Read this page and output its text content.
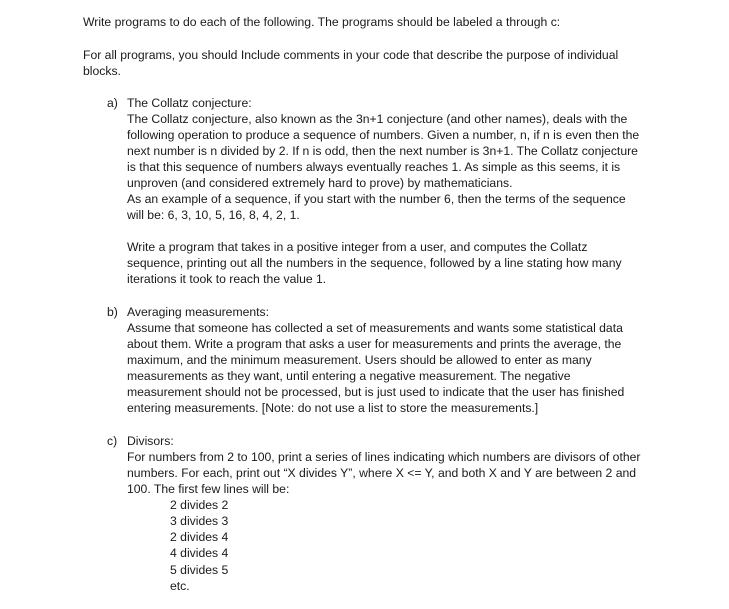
Write programs to do each of the following. The programs should be labeled a through c:
For all programs, you should Include comments in your code that describe the purpose of individual
blocks.
a) The Collatz conjecture:
The Collatz conjecture, also known as the 3n+1 conjecture (and other names), deals with the
following operation to produce a sequence of numbers. Given a number, n, if n is even then the
next number is n divided by 2. If n is odd, then the next number is 3n+1. The Collatz conjecture
is that this sequence of numbers always eventually reaches 1. As simple as this seems, it is
unproven (and considered extremely hard to prove) by mathematicians.
As an example of a sequence, if you start with the number 6, then the terms of the sequence
will be: 6, 3, 10, 5, 16, 8, 4, 2, 1.
Write a program that takes in a positive integer from a user, and computes the Collatz
sequence, printing out all the numbers in the sequence, followed by a line stating how many
iterations it took to reach the value 1.
b) Averaging measurements:
Assume that someone has collected a set of measurements and wants some statistical data
about them. Write a program that asks a user for measurements and prints the average, the
maximum, and the minimum measurement. Users should be allowed to enter as many
measurements as they want, until entering a negative measurement. The negative
measurement should not be processed, but is just used to indicate that the user has finished
entering measurements. [Note: do not use a list to store the measurements.]
c) Divisors:
For numbers from 2 to 100, print a series of lines indicating which numbers are divisors of other
numbers. For each, print out “X divides Y”, where X <= Y, and both X and Y are between 2 and
100. The first few lines will be:
2 divides 2
3 divides 3
2 divides 4
4 divides 4
5 divides 5
etc.
